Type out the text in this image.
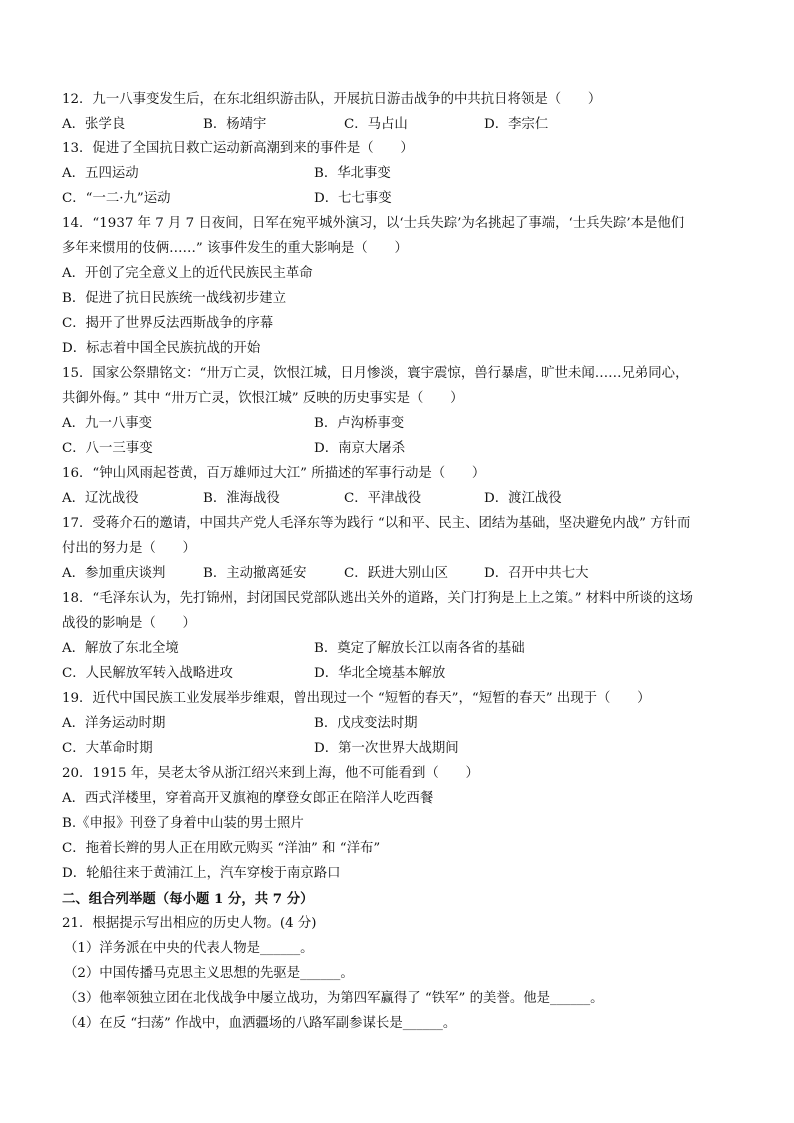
12．九一八事变发生后，在东北组织游击队，开展抗日游击战争的中共抗日将领是（　　）
A．张学良	B．杨靖宇	C．马占山	D．李宗仁
13．促进了全国抗日救亡运动新高潮到来的事件是（　　）
A．五四运动	B．华北事变
C．“一二·九”运动	D．七七事变
14．“1937 年 7 月 7 日夜间，日军在宛平城外演习，以‘士兵失踪’为名挑起了事端，‘士兵失踪’本是他们
多年来惯用的伎俩……” 该事件发生的重大影响是（　　）
A．开创了完全意义上的近代民族民主革命
B．促进了抗日民族统一战线初步建立
C．揭开了世界反法西斯战争的序幕
D．标志着中国全民族抗战的开始
15．国家公祭鼎铭文：“卅万亡灵，饮恨江城，日月惨淡，寰宇震惊，兽行暴虐，旷世未闻……兄弟同心，
共御外侮。” 其中 “卅万亡灵，饮恨江城” 反映的历史事实是（　　）
A．九一八事变	B．卢沟桥事变
C．八一三事变	D．南京大屠杀
16．“钟山风雨起苍黄，百万雄师过大江” 所描述的军事行动是（　　）
A．辽沈战役	B．淮海战役	C．平津战役	D．渡江战役
17．受蒋介石的邀请，中国共产党人毛泽东等为践行 “以和平、民主、团结为基础，坚决避免内战” 方针而
付出的努力是（　　）
A．参加重庆谈判	B．主动撤离延安	C．跃进大别山区	D．召开中共七大
18．“毛泽东认为，先打锦州，封闭国民党部队逃出关外的道路，关门打狗是上上之策。” 材料中所谈的这场
战役的影响是（　　）
A．解放了东北全境	B．奠定了解放长江以南各省的基础
C．人民解放军转入战略进攻	D．华北全境基本解放
19．近代中国民族工业发展举步维艰，曾出现过一个 “短暂的春天”，“短暂的春天” 出现于（　　）
A．洋务运动时期	B．戊戌变法时期
C．大革命时期	D．第一次世界大战期间
20．1915 年，吴老太爷从浙江绍兴来到上海，他不可能看到（　　）
A．西式洋楼里，穿着高开叉旗袍的摩登女郎正在陪洋人吃西餐
B.《申报》刊登了身着中山装的男士照片
C．拖着长辫的男人正在用欧元购买 “洋油” 和 “洋布”
D．轮船往来于黄浦江上，汽车穿梭于南京路口
二、组合列举题（每小题 1 分，共 7 分）
21．根据提示写出相应的历史人物。(4 分)
（1）洋务派在中央的代表人物是______。
（2）中国传播马克思主义思想的先驱是______。
（3）他率领独立团在北伐战争中屡立战功，为第四军赢得了 “铁军” 的美誉。他是______。
（4）在反 “扫荡” 作战中，血洒疆场的八路军副参谋长是______。
